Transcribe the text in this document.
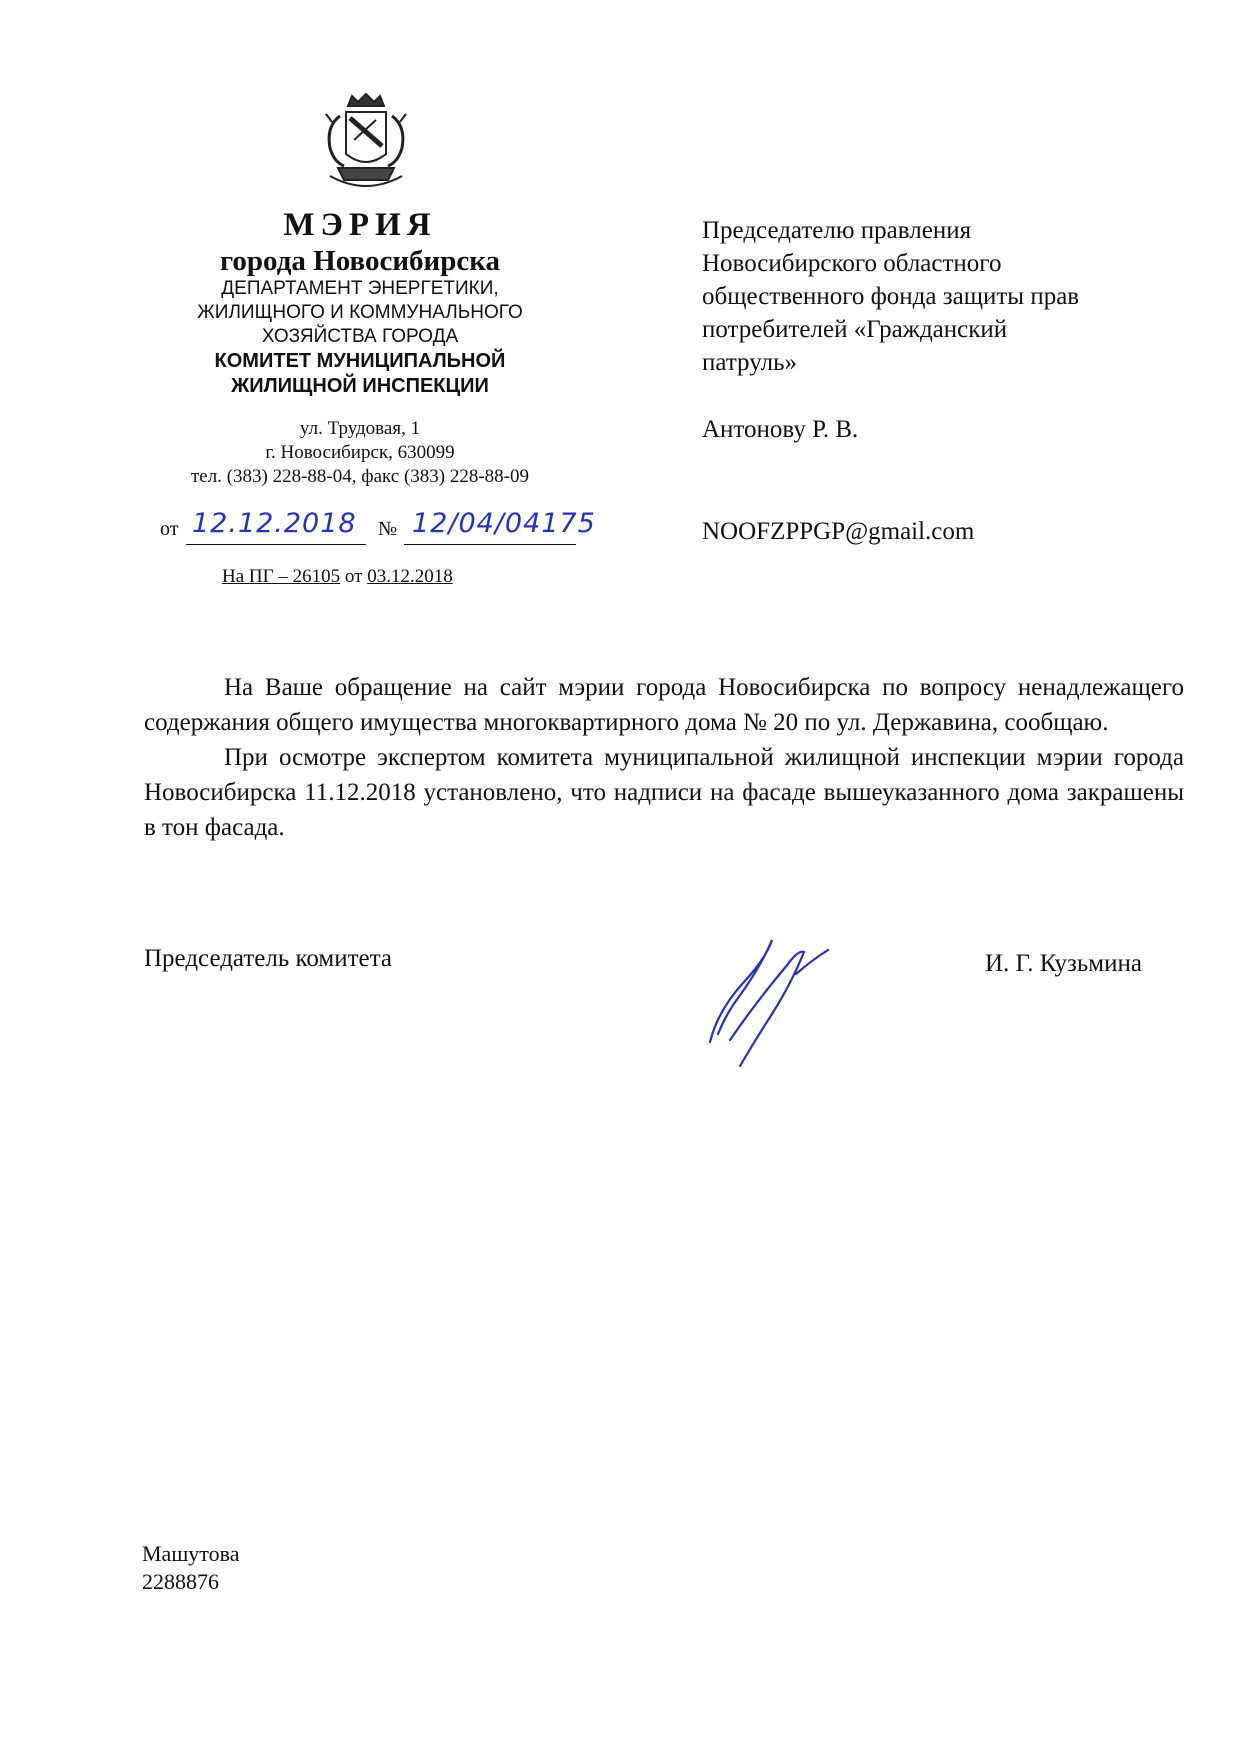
МЭРИЯ
города Новосибирска
ДЕПАРТАМЕНТ ЭНЕРГЕТИКИ,
ЖИЛИЩНОГО И КОММУНАЛЬНОГО
ХОЗЯЙСТВА ГОРОДА
КОМИТЕТ МУНИЦИПАЛЬНОЙ
ЖИЛИЩНОЙ ИНСПЕКЦИИ
ул. Трудовая, 1
г. Новосибирск, 630099
тел. (383) 228-88-04, факс (383) 228-88-09
от 12.12.2018 № 12/04/04175
На ПГ – 26105 от 03.12.2018
Председателю правления
Новосибирского областного
общественного фонда защиты прав
потребителей «Гражданский
патруль»
Антонову Р. В.
NOOFZPPGP@gmail.com

На Ваше обращение на сайт мэрии города Новосибирска по вопросу ненадлежащего содержания общего имущества многоквартирного дома № 20 по ул. Державина, сообщаю.

При осмотре экспертом комитета муниципальной жилищной инспекции мэрии города Новосибирска 11.12.2018 установлено, что надписи на фасаде вышеуказанного дома закрашены в тон фасада.

Председатель комитета	И. Г. Кузьмина
Машутова
2288876
